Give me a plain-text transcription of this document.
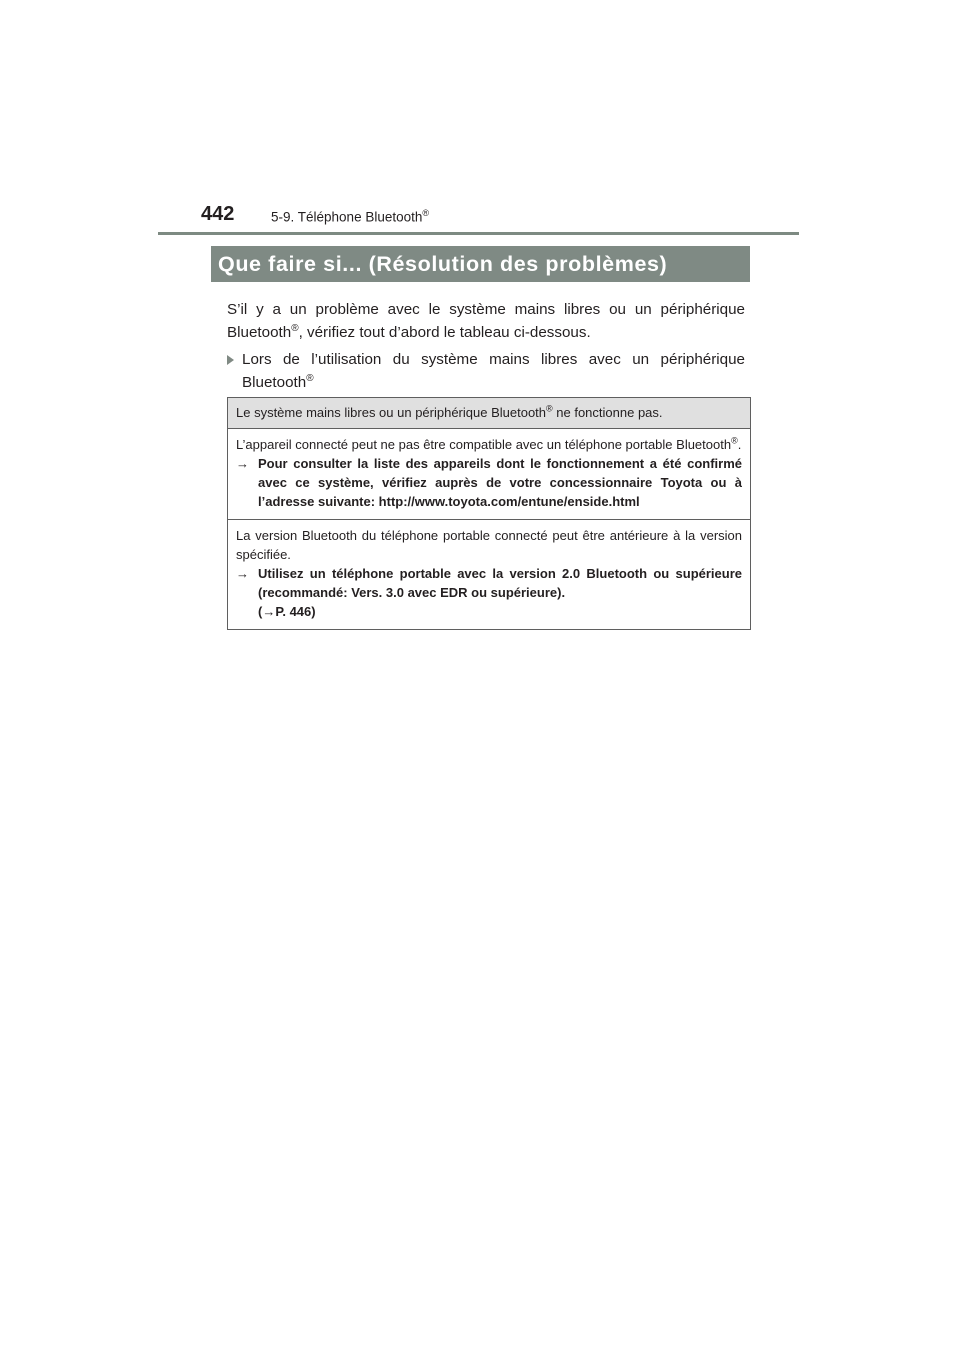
442	5-9. Téléphone Bluetooth®
Que faire si... (Résolution des problèmes)

S’il y a un problème avec le système mains libres ou un périphérique Bluetooth®, vérifiez tout d’abord le tableau ci-dessous.

Lors de l’utilisation du système mains libres avec un périphérique Bluetooth®
Le système mains libres ou un périphérique Bluetooth® ne fonctionne pas.

L’appareil connecté peut ne pas être compatible avec un téléphone portable Bluetooth®.
→ Pour consulter la liste des appareils dont le fonctionnement a été confirmé avec ce système, vérifiez auprès de votre concessionnaire Toyota ou à l’adresse suivante: http://www.toyota.com/entune/enside.html

La version Bluetooth du téléphone portable connecté peut être antérieure à la version spécifiée.
→ Utilisez un téléphone portable avec la version 2.0 Bluetooth ou supérieure (recommandé: Vers. 3.0 avec EDR ou supérieure).
(→P. 446)
